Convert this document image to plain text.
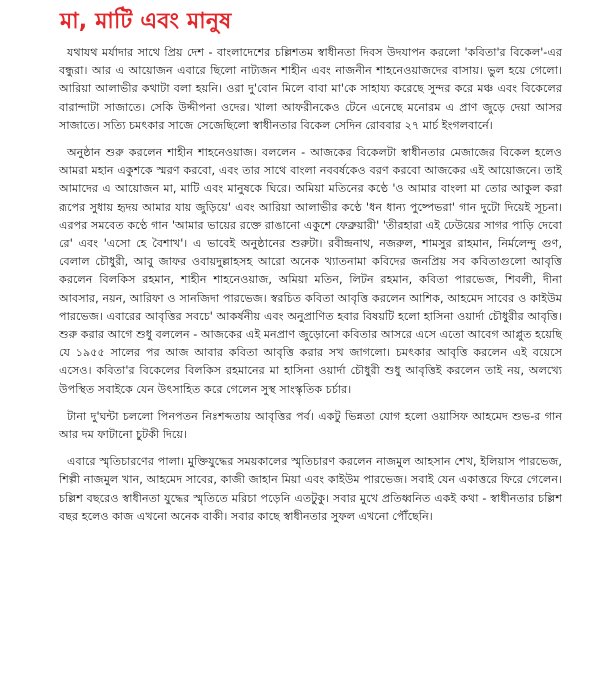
মা, মাটি এবং মানুষ

যথাযথ মর্যাদার সাথে প্রিয় দেশ - বাংলাদেশের চল্লিশতম স্বাধীনতা দিবস উদযাপন করলো 'কবিতা'র বিকেল'-এর বন্ধুরা। আর এ আয়োজন এবারে ছিলো নাট্যজন শাহীন এবং নাজনীন শাহনেওয়াজদের বাসায়। ভুল হয়ে গেলো। আরিয়া আলাভীর কথাটা বলা হয়নি। ওরা দু'বোন মিলে বাবা মা'কে সাহায্য করেছে সুন্দর করে মঞ্চ এবং বিকেলের বারান্দাটা সাজাতে। সেকি উদ্দীপনা ওদের। খালা আফরীনকেও টেনে এনেছে মনোরম এ প্রাণ জুড়ে দেয়া আসর সাজাতে। সত্যি চমৎকার সাজে সেজেছিলো স্বাধীনতার বিকেল সেদিন রোববার ২৭ মার্চ ইংগলবার্নে।

অনুষ্ঠান শুরু করলেন শাহীন শাহনেওয়াজ। বললেন - আজকের বিকেলটা স্বাধীনতার মেজাজের বিকেল হলেও আমরা মহান একুশকে স্মরণ করবো, এবং তার সাথে বাংলা নববর্ষকেও বরণ করবো আজকের এই আয়োজনে। তাই আমাদের এ আয়োজন মা, মাটি এবং মানুষকে ঘিরে। অমিয়া মতিনের কণ্ঠে 'ও আমার বাংলা মা তোর আকুল করা রূপের সুধায় হৃদয় আমার যায় জুড়িয়ে' এবং আরিয়া আলাভীর কণ্ঠে 'ধন ধান্য পুষ্পেভরা' গান দুটো দিয়েই সূচনা। এরপর সমবেত কণ্ঠে গান 'আমার ভায়ের রক্তে রাঙানো একুশে ফেব্রুয়ারী' 'তীরহারা এই ঢেউয়ের সাগর পাড়ি দেবো রে' এবং 'এসো হে বৈশাখ'। এ ভাবেই অনুষ্ঠানের শুরুটা। রবীন্দ্রনাথ, নজরুল, শামসুর রাহমান, নির্মলেন্দু গুণ, বেলাল চৌধুরী, আবু জাফর ওবায়দুল্লাহসহ আরো অনেক খ্যাতনামা কবিদের জনপ্রিয় সব কবিতাগুলো আবৃত্তি করলেন বিলকিস রহমান, শাহীন শাহনেওয়াজ, অমিয়া মতিন, লিটন রহমান, কবিতা পারভেজ, শিবলী, দীনা আবসার, নয়ন, আরিফা ও সানজিদা পারভেজ। স্বরচিত কবিতা আবৃত্তি করলেন আশিক, আহমেদ সাবের ও কাইউম পারভেজ। এবারের আবৃত্তির সবচে' আকর্ষনীয় এবং অনুপ্রাণিত হবার বিষয়টি হলো হাসিনা ওয়ার্দা চৌধুরীর আবৃত্তি। শুরু করার আগে শুধু বললেন - আজকের এই মনপ্রাণ জুড়োনো কবিতার আসরে এসে এতো আবেগ আপ্লুত হয়েছি যে ১৯৫৫ সালের পর আজ আবার কবিতা আবৃত্তি করার সখ জাগলো। চমৎকার আবৃত্তি করলেন এই বয়েসে এসেও। কবিতা'র বিকেলের বিলকিস রহমানের মা হাসিনা ওয়ার্দা চৌধুরী শুধু আবৃত্তিই করলেন তাই নয়, অলখ্যে উপস্থিত সবাইকে যেন উৎসাহিত করে গেলেন সুস্থ সাংস্কৃতিক চর্চার।

টানা দু'ঘন্টা চললো পিনপতন নিঃশব্দতায় আবৃত্তির পর্ব। একটু ভিন্নতা যোগ হলো ওয়াসিফ আহমেদ শুভ-র গান আর দম ফাটানো চুটকী দিয়ে।

এবারে স্মৃতিচারণের পালা। মুক্তিযুদ্ধের সময়কালের স্মৃতিচারণ করলেন নাজমুল আহসান শেখ, ইলিয়াস পারভেজ, শিল্পী নাজমুল খান, আহমেদ সাবের, কাজী জাহান মিয়া এবং কাইউম পারভেজ। সবাই যেন একাত্তরে ফিরে গেলেন। চল্লিশ বছরেও স্বাধীনতা যুদ্ধের স্মৃতিতে মরিচা পড়েনি এতটুকু। সবার মুখে প্রতিধ্বনিত একই কথা - স্বাধীনতার চল্লিশ বছর হলেও কাজ এখনো অনেক বাকী। সবার কাছে স্বাধীনতার সুফল এখনো পৌঁছেনি।
